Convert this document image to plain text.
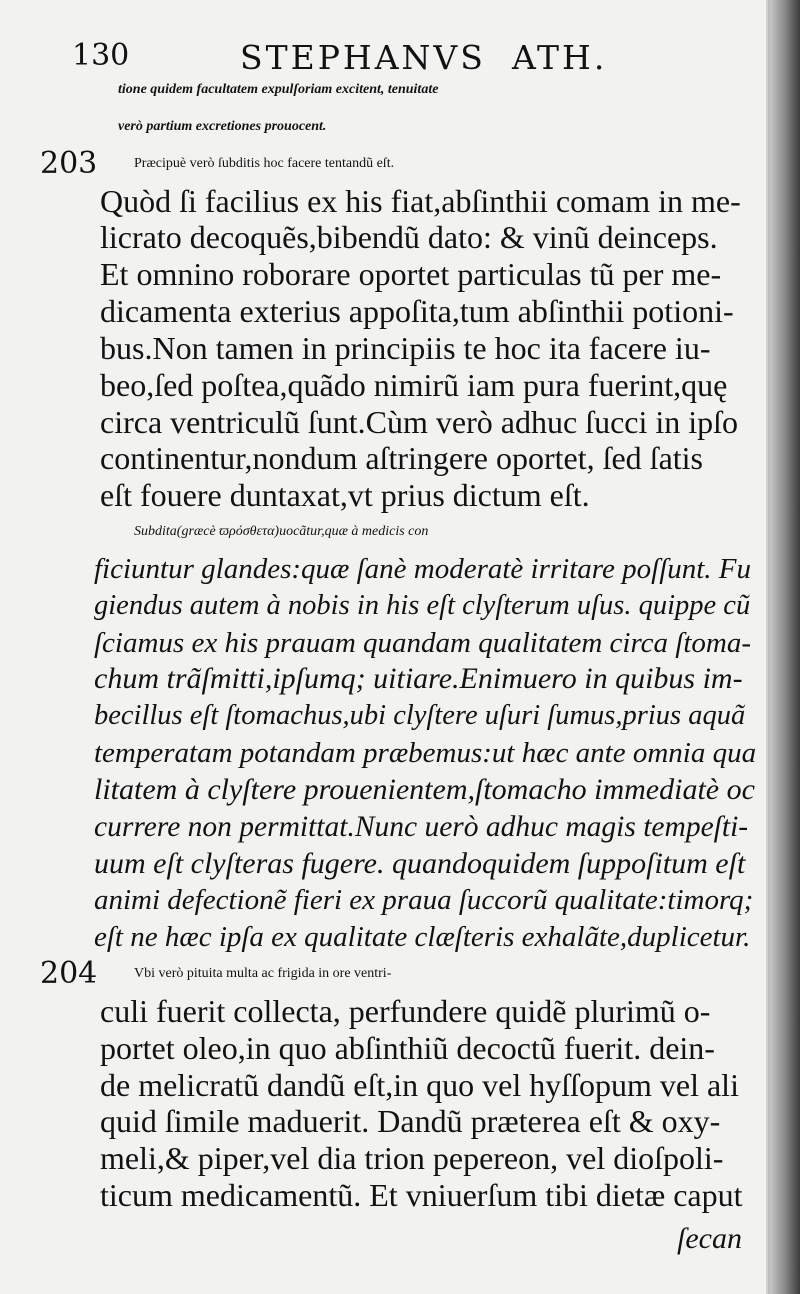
130	STEPHANVS ATH.
203
204
tione quidem facultatem expulſoriam excitent, tenuitate
verò partium excretiones prouocent.
Præcipuè verò ſubditis hoc facere tentandũ eſt.
Quòd ſi facilius ex his fiat,abſinthii comam in me-
licrato decoquẽs,bibendũ dato: & vinũ deinceps.
Et omnino roborare oportet particulas tũ per me-
dicamenta exterius appoſita,tum abſinthii potioni-
bus.Non tamen in principiis te hoc ita facere iu-
beo,ſed poſtea,quãdo nimirũ iam pura fuerint,quę
circa ventriculũ ſunt.Cùm verò adhuc ſucci in ipſo
continentur,nondum aſtringere oportet, ſed ſatis
eſt fouere duntaxat,vt prius dictum eſt.
Subdita(græcè ϖρόσθετα)uocãtur,quæ à medicis con
ficiuntur glandes:quæ ſanè moderatè irritare poſſunt. Fu
giendus autem à nobis in his eſt clyſterum uſus. quippe cũ
ſciamus ex his prauam quandam qualitatem circa ſtoma-
chum trãſmitti,ipſumq; uitiare.Enimuero in quibus im-
becillus eſt ſtomachus,ubi clyſtere uſuri ſumus,prius aquã
temperatam potandam præbemus:ut hæc ante omnia qua
litatem à clyſtere prouenientem,ſtomacho immediatè oc
currere non permittat.Nunc uerò adhuc magis tempeſti-
uum eſt clyſteras fugere. quandoquidem ſuppoſitum eſt
animi defectionẽ fieri ex praua ſuccorũ qualitate:timorq;
eſt ne hæc ipſa ex qualitate clæſteris exhalãte,duplicetur.
Vbi verò pituita multa ac frigida in ore ventri-
culi fuerit collecta, perfundere quidẽ plurimũ o-
portet oleo,in quo abſinthiũ decoctũ fuerit. dein-
de melicratũ dandũ eſt,in quo vel hyſſopum vel ali
quid ſimile maduerit. Dandũ præterea eſt & oxy-
meli,& piper,vel dia trion pepereon, vel dioſpoli-
ticum medicamentũ. Et vniuerſum tibi dietæ caput
ſecan
